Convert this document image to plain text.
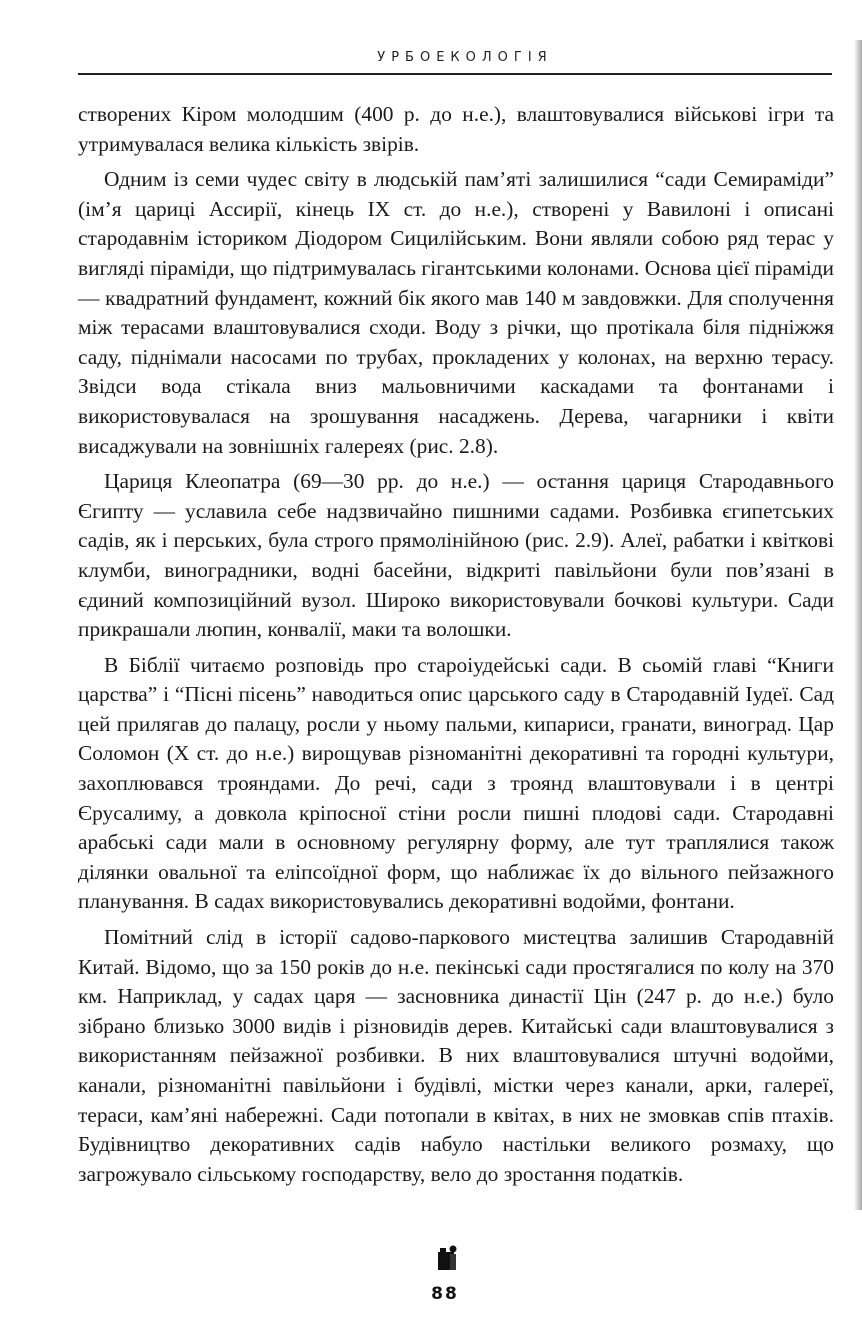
УРБОЕКОЛОГІЯ

створених Кіром молодшим (400 р. до н.е.), влаштовувалися військові ігри та утримувалася велика кількість звірів.

Одним із семи чудес світу в людській пам’яті залишилися “сади Семираміди” (ім’я цариці Ассирії, кінець IX ст. до н.е.), створені у Вавилоні і описані стародавнім істориком Діодором Сицилійським. Вони являли собою ряд терас у вигляді піраміди, що підтримувалась гігантськими колонами. Основа цієї піраміди — квадратний фундамент, кожний бік якого мав 140 м завдовжки. Для сполучення між терасами влаштовувалися сходи. Воду з річки, що протікала біля підніжжя саду, піднімали насосами по трубах, прокладених у колонах, на верхню терасу. Звідси вода стікала вниз мальовничими каскадами та фонтанами і використовувалася на зрошування насаджень. Дерева, чагарники і квіти висаджували на зовнішніх галереях (рис. 2.8).

Цариця Клеопатра (69—30 рр. до н.е.) — остання цариця Стародавнього Єгипту — уславила себе надзвичайно пишними садами. Розбивка єгипетських садів, як і перських, була строго прямолінійною (рис. 2.9). Алеї, рабатки і квіткові клумби, виноградники, водні басейни, відкриті павільйони були пов’язані в єдиний композиційний вузол. Широко використовували бочкові культури. Сади прикрашали люпин, конвалії, маки та волошки.

В Біблії читаємо розповідь про староіудейські сади. В сьомій главі “Книги царства” і “Пісні пісень” наводиться опис царського саду в Стародавній Іудеї. Сад цей прилягав до палацу, росли у ньому пальми, кипариси, гранати, виноград. Цар Соломон (X ст. до н.е.) вирощував різноманітні декоративні та городні культури, захоплювався трояндами. До речі, сади з троянд влаштовували і в центрі Єрусалиму, а довкола кріпосної стіни росли пишні плодові сади. Стародавні арабські сади мали в основному регулярну форму, але тут траплялися також ділянки овальної та еліпсоїдної форм, що наближає їх до вільного пейзажного планування. В садах використовувались декоративні водойми, фонтани.

Помітний слід в історії садово-паркового мистецтва залишив Стародавній Китай. Відомо, що за 150 років до н.е. пекінські сади простягалися по колу на 370 км. Наприклад, у садах царя — засновника династії Цін (247 р. до н.е.) було зібрано близько 3000 видів і різновидів дерев. Китайські сади влаштовувалися з використанням пейзажної розбивки. В них влаштовувалися штучні водойми, канали, різноманітні павільйони і будівлі, містки через канали, арки, галереї, тераси, кам’яні набережні. Сади потопали в квітах, в них не змовкав спів птахів. Будівництво декоративних садів набуло настільки великого розмаху, що загрожувало сільському господарству, вело до зростання податків.

88
